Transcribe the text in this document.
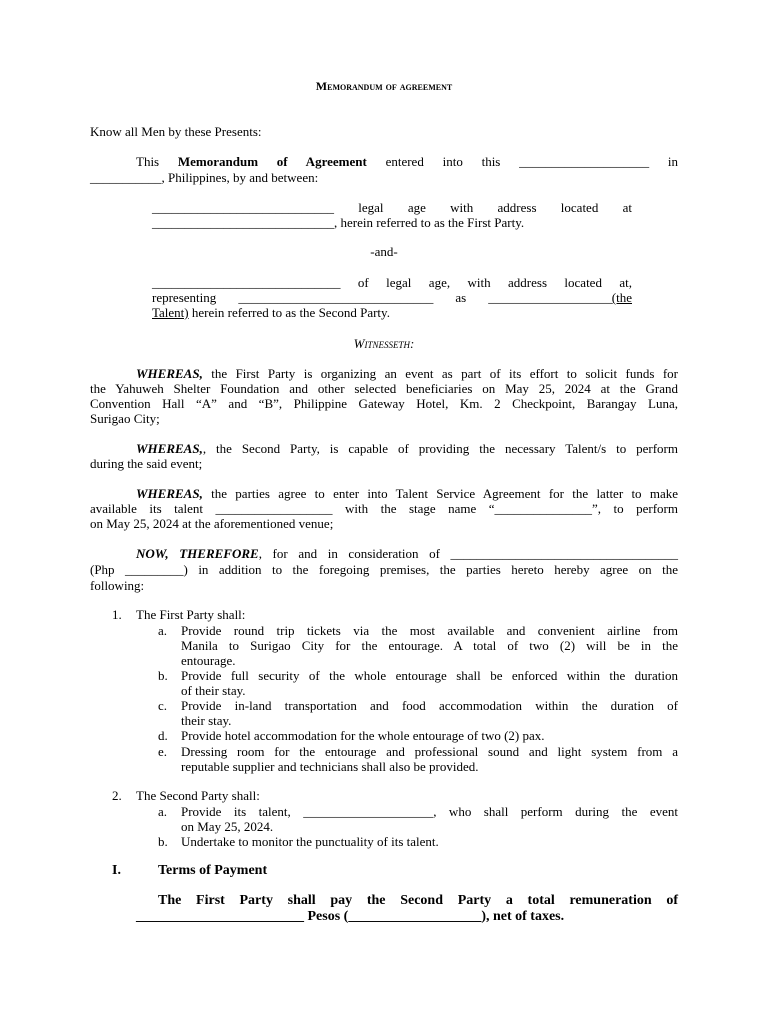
Memorandum of agreement
Know all Men by these Presents:
This Memorandum of Agreement entered into this ____________________ in
___________, Philippines, by and between:
____________________________ legal age with address located at
____________________________, herein referred to as the First Party.
-and-
_____________________________ of legal age, with address located at,
representing ______________________________ as ___________________(the
Talent) herein referred to as the Second Party.
Witnesseth:
WHEREAS, the First Party is organizing an event as part of its effort to solicit funds for
the Yahuweh Shelter Foundation and other selected beneficiaries on May 25, 2024 at the Grand
Convention Hall “A” and “B”, Philippine Gateway Hotel, Km. 2 Checkpoint, Barangay Luna,
Surigao City;
WHEREAS,, the Second Party, is capable of providing the necessary Talent/s to perform
during the said event;
WHEREAS, the parties agree to enter into Talent Service Agreement for the latter to make
available its talent __________________ with the stage name “_______________”, to perform
on May 25, 2024 at the aforementioned venue;
NOW, THEREFORE, for and in consideration of ___________________________________
(Php _________) in addition to the foregoing premises, the parties hereto hereby agree on the
following:
1. The First Party shall:
a. Provide round trip tickets via the most available and convenient airline from
Manila to Surigao City for the entourage. A total of two (2) will be in the
entourage.
b. Provide full security of the whole entourage shall be enforced within the duration
of their stay.
c. Provide in-land transportation and food accommodation within the duration of
their stay.
d. Provide hotel accommodation for the whole entourage of two (2) pax.
e. Dressing room for the entourage and professional sound and light system from a
reputable supplier and technicians shall also be provided.
2. The Second Party shall:
a. Provide its talent, ____________________, who shall perform during the event
on May 25, 2024.
b. Undertake to monitor the punctuality of its talent.
I.	Terms of Payment
The First Party shall pay the Second Party a total remuneration of
________________________ Pesos (___________________), net of taxes.
